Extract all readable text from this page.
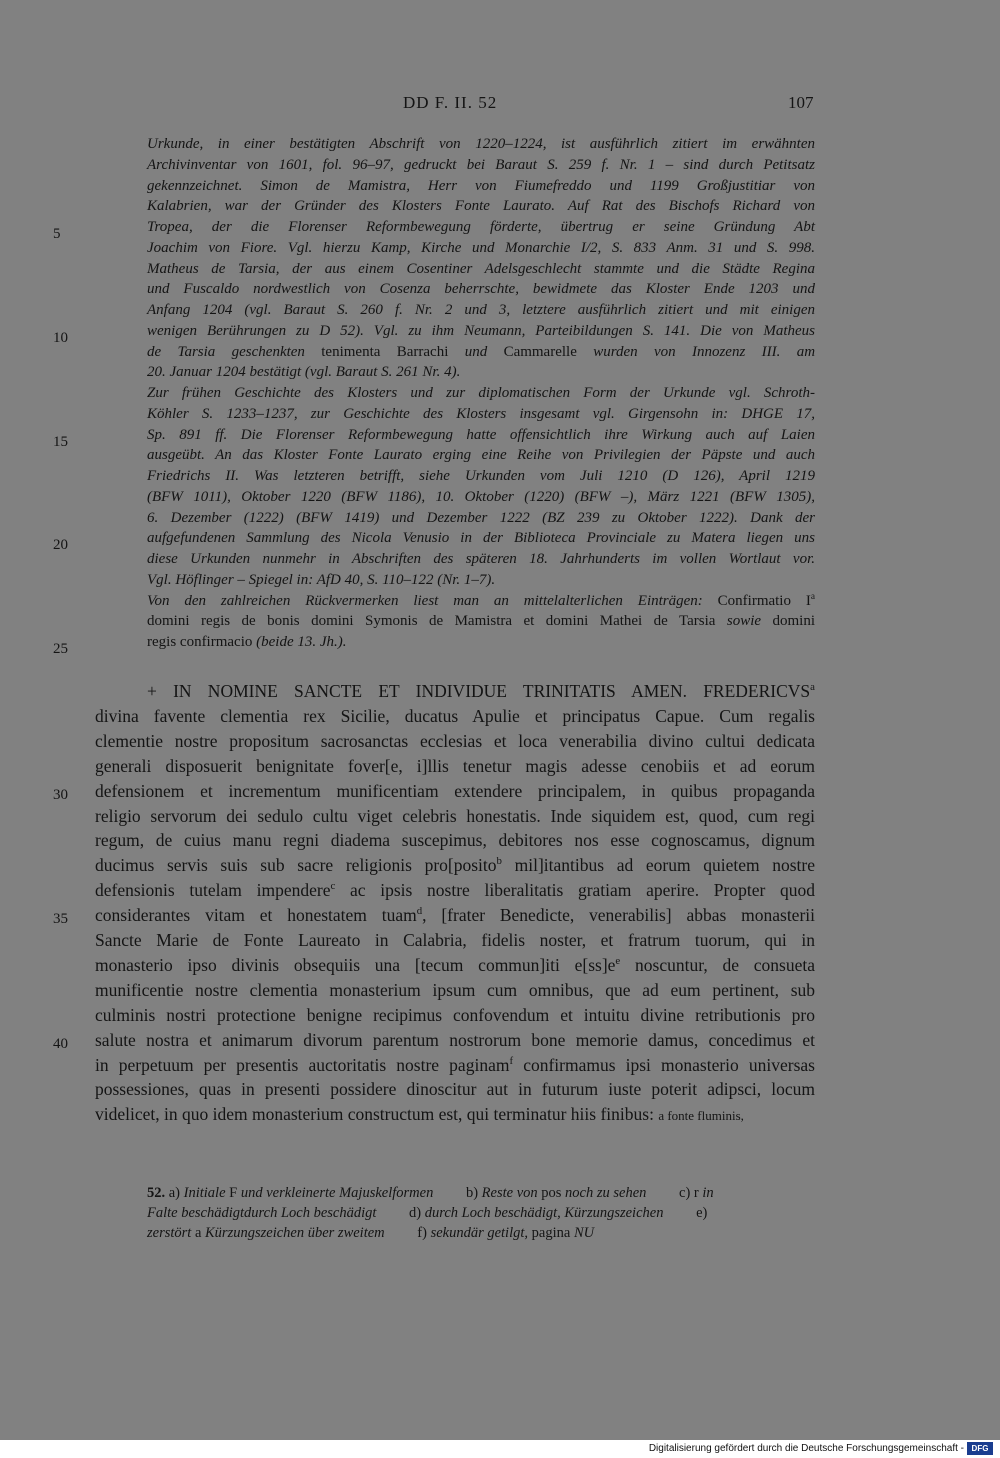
DD F. II. 52	107
5
10
15
20
25
30
35
40
Urkunde, in einer bestätigten Abschrift von 1220–1224, ist ausführlich zitiert im erwähnten
Archivinventar von 1601, fol. 96–97, gedruckt bei Baraut S. 259 f. Nr. 1 – sind durch Petitsatz
gekennzeichnet. Simon de Mamistra, Herr von Fiumefreddo und 1199 Großjustitiar von
Kalabrien, war der Gründer des Klosters Fonte Laurato. Auf Rat des Bischofs Richard von
Tropea, der die Florenser Reformbewegung förderte, übertrug er seine Gründung Abt
Joachim von Fiore. Vgl. hierzu Kamp, Kirche und Monarchie I/2, S. 833 Anm. 31 und S. 998.
Matheus de Tarsia, der aus einem Cosentiner Adelsgeschlecht stammte und die Städte Regina
und Fuscaldo nordwestlich von Cosenza beherrschte, bewidmete das Kloster Ende 1203 und
Anfang 1204 (vgl. Baraut S. 260 f. Nr. 2 und 3, letztere ausführlich zitiert und mit einigen
wenigen Berührungen zu D 52). Vgl. zu ihm Neumann, Parteibildungen S. 141. Die von Matheus
de Tarsia geschenkten tenimenta Barrachi und Cammarelle wurden von Innozenz III. am
20. Januar 1204 bestätigt (vgl. Baraut S. 261 Nr. 4).
Zur frühen Geschichte des Klosters und zur diplomatischen Form der Urkunde vgl. Schroth-
Köhler S. 1233–1237, zur Geschichte des Klosters insgesamt vgl. Girgensohn in: DHGE 17,
Sp. 891 ff. Die Florenser Reformbewegung hatte offensichtlich ihre Wirkung auch auf Laien
ausgeübt. An das Kloster Fonte Laurato erging eine Reihe von Privilegien der Päpste und auch
Friedrichs II. Was letzteren betrifft, siehe Urkunden vom Juli 1210 (D 126), April 1219
(BFW 1011), Oktober 1220 (BFW 1186), 10. Oktober (1220) (BFW –), März 1221 (BFW 1305),
6. Dezember (1222) (BFW 1419) und Dezember 1222 (BZ 239 zu Oktober 1222). Dank der
aufgefundenen Sammlung des Nicola Venusio in der Biblioteca Provinciale zu Matera liegen uns
diese Urkunden nunmehr in Abschriften des späteren 18. Jahrhunderts im vollen Wortlaut vor.
Vgl. Höflinger – Spiegel in: AfD 40, S. 110–122 (Nr. 1–7).
Von den zahlreichen Rückvermerken liest man an mittelalterlichen Einträgen: Confirmatio $I^a$
domini regis de bonis domini Symonis de Mamistra et domini Mathei de Tarsia sowie domini
regis confirmacio (beide 13. Jh.).
+ IN NOMINE SANCTE ET INDIVIDUE TRINITATIS AMEN. FREDERICVS$^a$
divina favente clementia rex Sicilie, ducatus Apulie et principatus Capue. Cum regalis
clementie nostre propositum sacrosanctas ecclesias et loca venerabilia divino cultui dedicata
generali disposuerit benignitate fover[e, i]llis tenetur magis adesse cenobiis et ad eorum
defensionem et incrementum munificentiam extendere principalem, in quibus propaganda
religio servorum dei sedulo cultu viget celebris honestatis. Inde siquidem est, quod, cum regi
regum, de cuius manu regni diadema suscepimus, debitores nos esse cognoscamus, dignum
ducimus servis suis sub sacre religionis pro[posito$^b$ mil]itantibus ad eorum quietem nostre
defensionis tutelam impendere$^c$ ac ipsis nostre liberalitatis gratiam aperire. Propter quod
considerantes vitam et honestatem tuam$^d$, [frater Benedicte, venerabilis] abbas monasterii
Sancte Marie de Fonte Laureato in Calabria, fidelis noster, et fratrum tuorum, qui in
monasterio ipso divinis obsequiis una [tecum commun]iti $e[ss]e^e$ noscuntur, de consueta
munificentie nostre clementia monasterium ipsum cum omnibus, que ad eum pertinent, sub
culminis nostri protectione benigne recipimus confovendum et intuitu divine retributionis pro
salute nostra et animarum divorum parentum nostrorum bone memorie damus, concedimus et
in perpetuum per presentis auctoritatis nostre paginam$^f$ confirmamus ipsi monasterio universas
possessiones, quas in presenti possidere dinoscitur aut in futurum iuste poterit adipsci, locum
videlicet, in quo idem monasterium constructum est, qui terminatur hiis finibus: a fonte fluminis,
52. a) Initiale F und verkleinerte Majuskelformen         b) Reste von pos noch zu sehen         c) r in
Falte beschädigtdurch Loch beschädigt         d) durch Loch beschädigt, Kürzungszeichen         e)
zerstört a Kürzungszeichen über zweitem         f) sekundär getilgt, pagina NU
Digitalisierung gefördert durch die Deutsche Forschungsgemeinschaft - DFG
